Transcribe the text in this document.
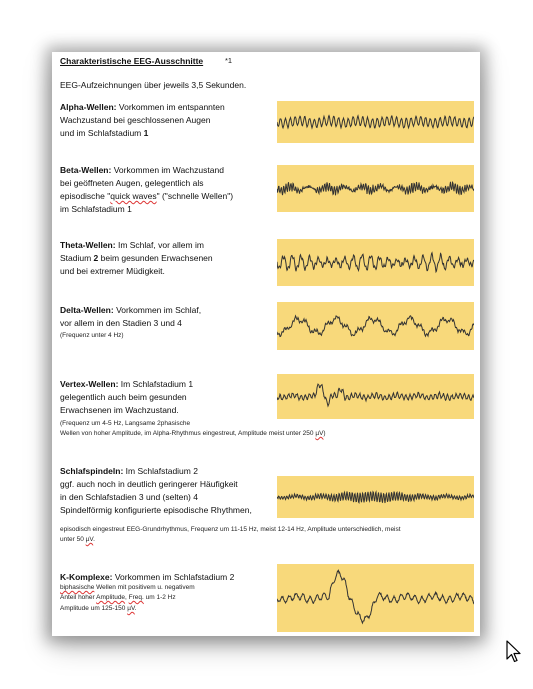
Charakteristische EEG-Ausschnitte	*1
EEG-Aufzeichnungen über jeweils 3,5 Sekunden.
Alpha-Wellen: Vorkommen im entspannten
Wachzustand bei geschlossenen Augen
und im Schlafstadium 1
Beta-Wellen: Vorkommen im Wachzustand
bei geöffneten Augen, gelegentlich als
episodische "quick waves" ("schnelle Wellen")
im Schlafstadium 1
Theta-Wellen: Im Schlaf, vor allem im
Stadium 2 beim gesunden Erwachsenen
und bei extremer Müdigkeit.
Delta-Wellen: Vorkommen im Schlaf,
vor allem in den Stadien 3 und 4
(Frequenz unter 4 Hz)
Vertex-Wellen: Im Schlafstadium 1
gelegentlich auch beim gesunden
Erwachsenen im Wachzustand.
(Frequenz um 4-5 Hz, Langsame 2phasische
Wellen von hoher Amplitude, im Alpha-Rhythmus eingestreut, Amplitude meist unter 250 µV)
Schlafspindeln: Im Schlafstadium 2
ggf. auch noch in deutlich geringerer Häufigkeit
in den Schlafstadien 3 und (selten) 4
Spindelförmig konfigurierte episodische Rhythmen,
episodisch eingestreut EEG-Grundrhythmus, Frequenz um 11-15 Hz, meist 12-14 Hz, Amplitude unterschiedlich, meist
unter 50 µV.
K-Komplexe: Vorkommen im Schlafstadium 2
biphasische Wellen mit positivem u. negativem
Anteil hoher Amplitude, Freq. um 1-2 Hz
Amplitude um 125-150 µV.
